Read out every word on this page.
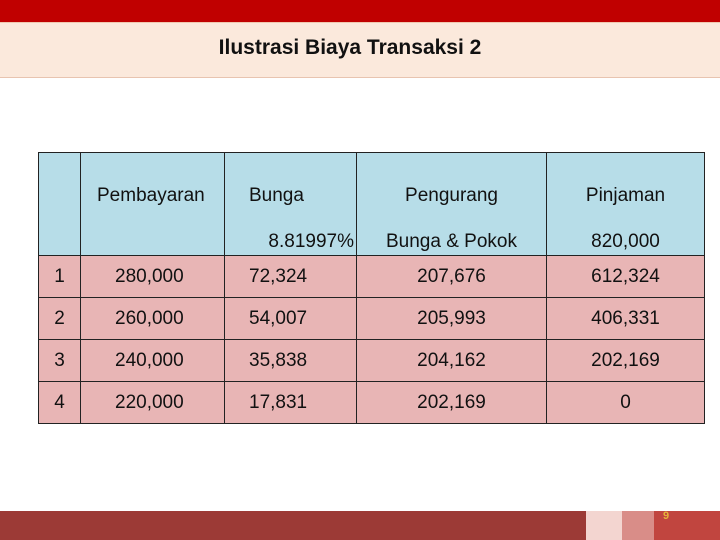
Ilustrasi Biaya Transaksi 2
	Pembayaran	Bunga	Pengurang	Pinjaman
		8.81997%	Bunga & Pokok	820,000
1	280,000	72,324	207,676	612,324
2	260,000	54,007	205,993	406,331
3	240,000	35,838	204,162	202,169
4	220,000	17,831	202,169	0
9
